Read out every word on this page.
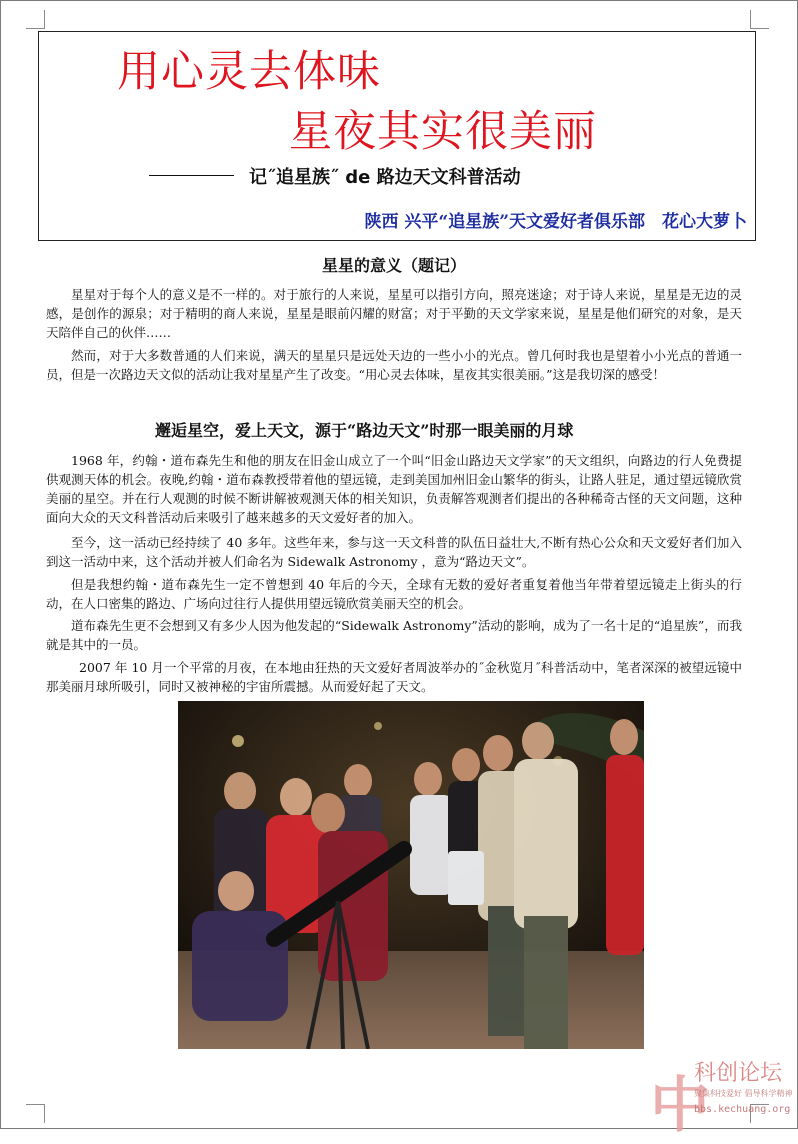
用心灵去体味
星夜其实很美丽
记˝追星族˝ de 路边天文科普活动
陕西 兴平“追星族”天文爱好者俱乐部　花心大萝卜
星星的意义（题记）
星星对于每个人的意义是不一样的。对于旅行的人来说，星星可以指引方向，照亮迷途；对于诗人来说，星星是无边的灵感，是创作的源泉；对于精明的商人来说，星星是眼前闪耀的财富；对于平勤的天文学家来说，星星是他们研究的对象，是天天陪伴自己的伙伴……
然而，对于大多数普通的人们来说，满天的星星只是远处天边的一些小小的光点。曾几何时我也是望着小小光点的普通一员，但是一次路边天文似的活动让我对星星产生了改变。“用心灵去体味，星夜其实很美丽。”这是我切深的感受！
邂逅星空，爱上天文，源于“路边天文”时那一眼美丽的月球
1968 年，约翰・道布森先生和他的朋友在旧金山成立了一个叫“旧金山路边天文学家”的天文组织，向路边的行人免费提供观测天体的机会。夜晚,约翰・道布森教授带着他的望远镜，走到美国加州旧金山繁华的街头，让路人驻足，通过望远镜欣赏美丽的星空。并在行人观测的时候不断讲解被观测天体的相关知识，负责解答观测者们提出的各种稀奇古怪的天文问题，这种面向大众的天文科普活动后来吸引了越来越多的天文爱好者的加入。
至今，这一活动已经持续了 40 多年。这些年来，参与这一天文科普的队伍日益壮大,不断有热心公众和天文爱好者们加入到这一活动中来，这个活动并被人们命名为 Sidewalk Astronomy ，意为“路边天文”。
但是我想约翰・道布森先生一定不曾想到 40 年后的今天，全球有无数的爱好者重复着他当年带着望远镜走上街头的行动，在人口密集的路边、广场向过往行人提供用望远镜欣赏美丽天空的机会。
道布森先生更不会想到又有多少人因为他发起的“Sidewalk Astronomy”活动的影响，成为了一名十足的“追星族”，而我就是其中的一员。
2007 年 10 月一个平常的月夜，在本地由狂热的天文爱好者周波举办的˝金秋览月˝科普活动中，笔者深深的被望远镜中那美丽月球所吸引，同时又被神秘的宇宙所震撼。从而爱好起了天文。
中
科创论坛
聚集科技爱好 倡导科学精神
bbs.kechuang.org
